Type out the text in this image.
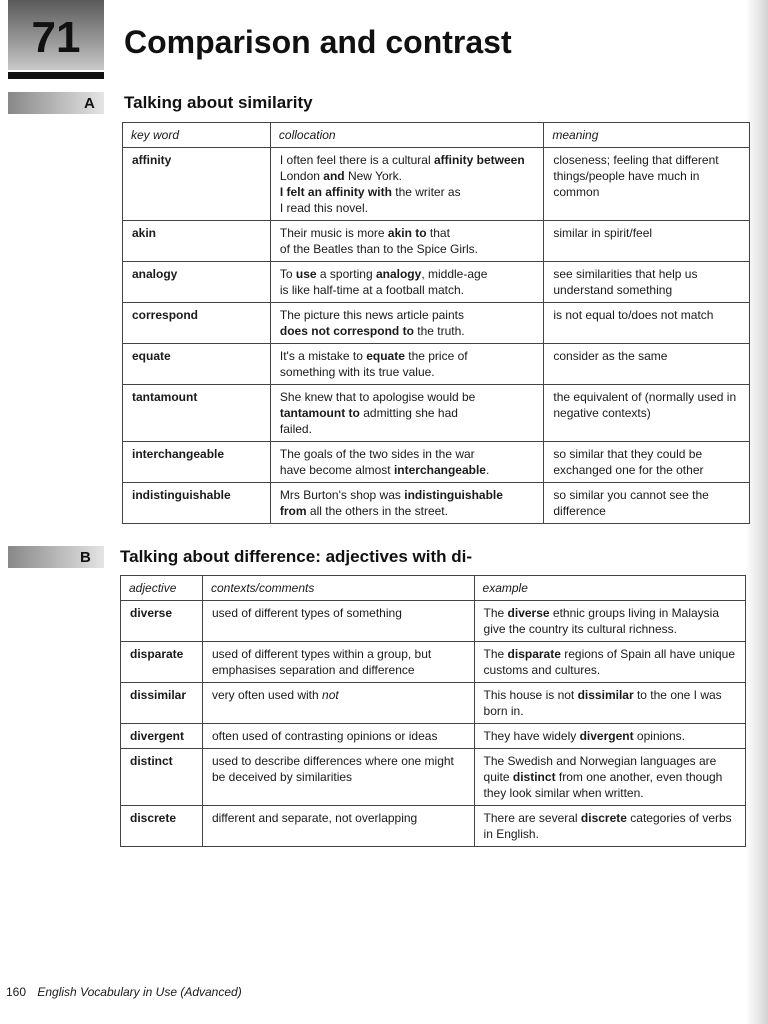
71	Comparison and contrast
A Talking about similarity
key word	collocation	meaning
affinity	I often feel there is a cultural affinity between London and New York.
I felt an affinity with the writer as
I read this novel.	closeness; feeling that different things/people have much in common
akin	Their music is more akin to that
of the Beatles than to the Spice Girls.	similar in spirit/feel
analogy	To use a sporting analogy, middle-age
is like half-time at a football match.	see similarities that help us understand something
correspond	The picture this news article paints
does not correspond to the truth.	is not equal to/does not match
equate	It's a mistake to equate the price of
something with its true value.	consider as the same
tantamount	She knew that to apologise would be
tantamount to admitting she had
failed.	the equivalent of (normally used in negative contexts)
interchangeable	The goals of the two sides in the war
have become almost interchangeable.	so similar that they could be exchanged one for the other
indistinguishable	Mrs Burton's shop was indistinguishable
from all the others in the street.	so similar you cannot see the difference
B Talking about difference: adjectives with di-
adjective	contexts/comments	example
diverse	used of different types of something	The diverse ethnic groups living in Malaysia give the country its cultural richness.
disparate	used of different types within a group, but emphasises separation and difference	The disparate regions of Spain all have unique customs and cultures.
dissimilar	very often used with not	This house is not dissimilar to the one I was born in.
divergent	often used of contrasting opinions or ideas	They have widely divergent opinions.
distinct	used to describe differences where one might be deceived by similarities	The Swedish and Norwegian languages are quite distinct from one another, even though they look similar when written.
discrete	different and separate, not overlapping	There are several discrete categories of verbs in English.
160 English Vocabulary in Use (Advanced)
